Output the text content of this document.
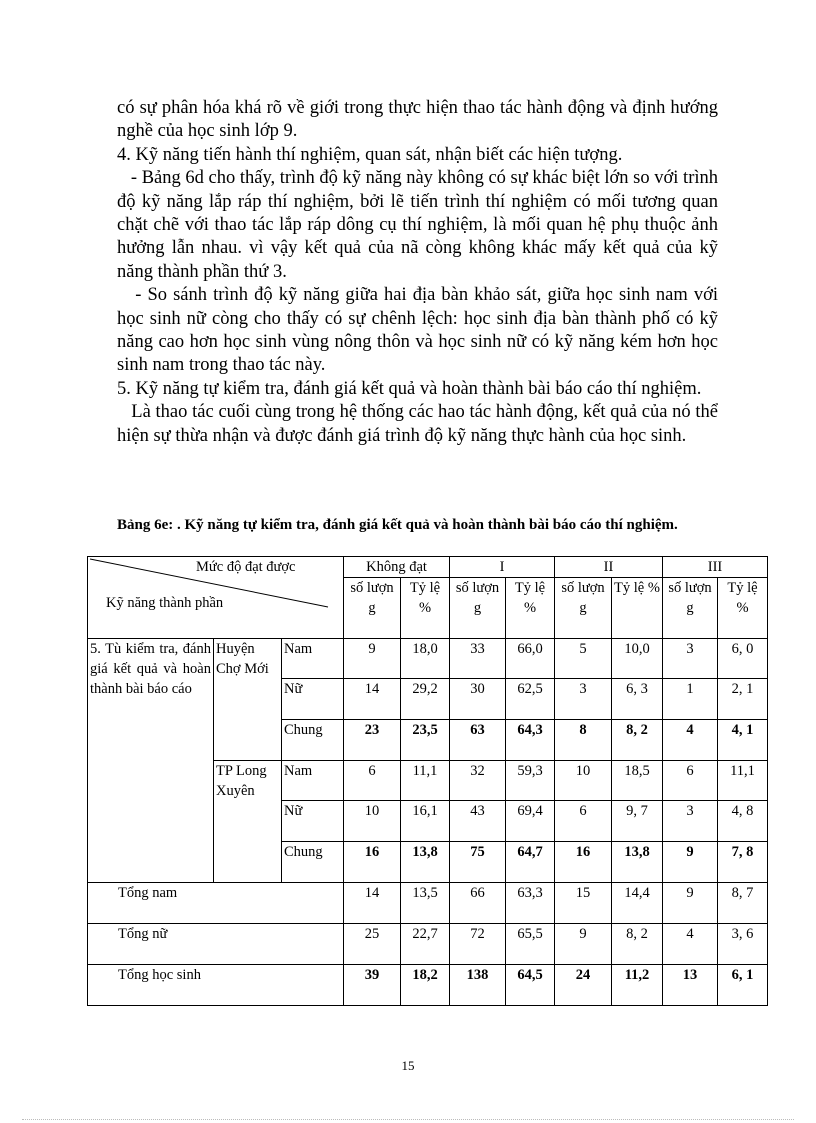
có sự phân hóa khá rõ về giới trong thực hiện thao tác hành động và định hướng nghề của học sinh lớp 9.

4. Kỹ năng tiến hành thí nghiệm, quan sát, nhận biết các hiện tượng.

- Bảng 6d cho thấy, trình độ kỹ năng này không có sự khác biệt lớn so với trình độ kỹ năng lắp ráp thí nghiệm, bởi lẽ tiến trình thí nghiệm có mối tương quan chặt chẽ với thao tác lắp ráp dông cụ thí nghiệm, là mối quan hệ phụ thuộc ảnh hưởng lẫn nhau. vì vậy kết quả của nã còng không khác mấy kết quả của kỹ năng thành phần thứ 3.

- So sánh trình độ kỹ năng giữa hai địa bàn khảo sát, giữa học sinh nam với học sinh nữ còng cho thấy có sự chênh lệch: học sinh địa bàn thành phố có kỹ năng cao hơn học sinh vùng nông thôn và học sinh nữ có kỹ năng kém hơn học sinh nam trong thao tác này.

5. Kỹ năng tự kiểm tra, đánh giá kết quả và hoàn thành bài báo cáo thí nghiệm.

Là thao tác cuối cùng trong hệ thống các hao tác hành động, kết quả của nó thể hiện sự thừa nhận và được đánh giá trình độ kỹ năng thực hành của học sinh.

Bảng 6e: . Kỹ năng tự kiểm tra, đánh giá kết quả và hoàn thành bài báo cáo thí nghiệm.
Mức độ đạt được
Kỹ năng thành phần			Không đạt		I		II		III	
			số lượn g	Tỷ lệ %	số lượn g	Tỷ lệ %	số lượn g	Tỷ lệ %	số lượn g	Tỷ lệ %
5. Tù kiểm tra, đánh giá kết quả và hoàn thành bài báo cáo	Huyện Chợ Mới	Nam	9	18,0	33	66,0	5	10,0	3	6, 0
		Nữ	14	29,2	30	62,5	3	6, 3	1	2, 1
		Chung	23	23,5	63	64,3	8	8, 2	4	4, 1
	TP Long Xuyên	Nam	6	11,1	32	59,3	10	18,5	6	11,1
		Nữ	10	16,1	43	69,4	6	9, 7	3	4, 8
		Chung	16	13,8	75	64,7	16	13,8	9	7, 8
Tổng nam			14	13,5	66	63,3	15	14,4	9	8, 7
Tổng nữ			25	22,7	72	65,5	9	8, 2	4	3, 6
Tổng học sinh			39	18,2	138	64,5	24	11,2	13	6, 1
15
